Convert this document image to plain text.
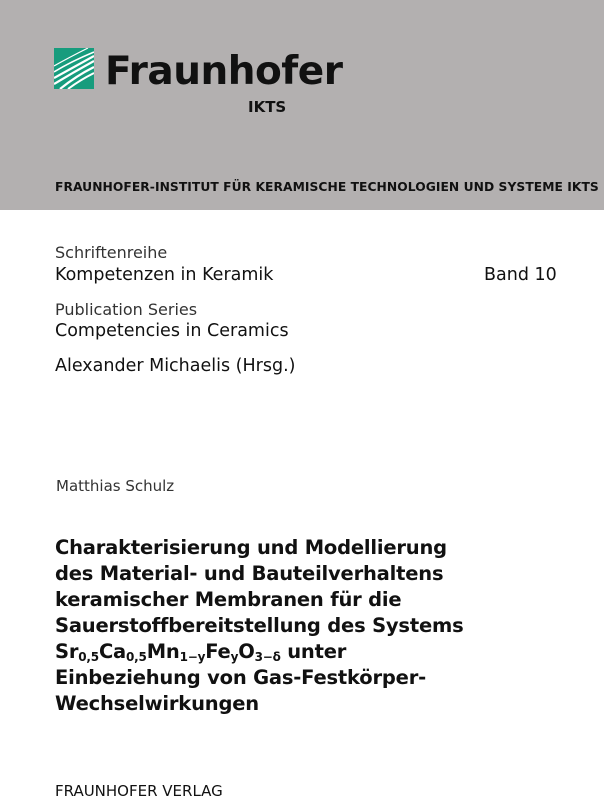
Fraunhofer
IKTS
FRAUNHOFER-INSTITUT FÜR KERAMISCHE TECHNOLOGIEN UND SYSTEME IKTS
Schriftenreihe
Kompetenzen in Keramik	Band 10
Publication Series
Competencies in Ceramics
Alexander Michaelis (Hrsg.)
Matthias Schulz
Charakterisierung und Modellierung
des Material- und Bauteilverhaltens
keramischer Membranen für die
Sauerstoffbereitstellung des Systems
$Sr_{0,5}Ca_{0,5}Mn_{1-y}Fe_yO_{3-\delta}$ unter
Einbeziehung von Gas-Festkörper-
Wechselwirkungen
FRAUNHOFER VERLAG
